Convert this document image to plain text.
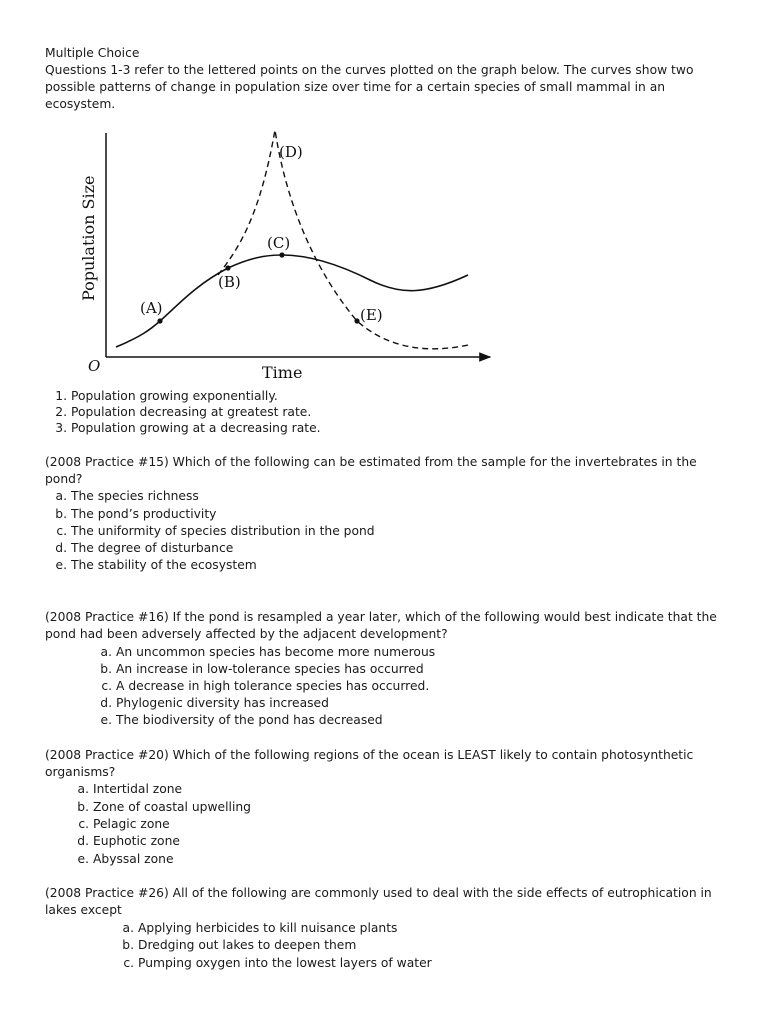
Multiple Choice
Questions 1-3 refer to the lettered points on the curves plotted on the graph below. The curves show two possible patterns of change in population size over time for a certain species of small mammal in an ecosystem.
Population Size
Time
O
(A)
(B)
(C)
(D)
(E)
1. Population growing exponentially.
2. Population decreasing at greatest rate.
3. Population growing at a decreasing rate.
(2008 Practice #15) Which of the following can be estimated from the sample for the invertebrates in the pond?
a. The species richness
b. The pond’s productivity
c. The uniformity of species distribution in the pond
d. The degree of disturbance
e. The stability of the ecosystem
(2008 Practice #16) If the pond is resampled a year later, which of the following would best indicate that the pond had been adversely affected by the adjacent development?
a. An uncommon species has become more numerous
b. An increase in low-tolerance species has occurred
c. A decrease in high tolerance species has occurred.
d. Phylogenic diversity has increased
e. The biodiversity of the pond has decreased
(2008 Practice #20) Which of the following regions of the ocean is LEAST likely to contain photosynthetic organisms?
a. Intertidal zone
b. Zone of coastal upwelling
c. Pelagic zone
d. Euphotic zone
e. Abyssal zone
(2008 Practice #26) All of the following are commonly used to deal with the side effects of eutrophication in lakes except
a. Applying herbicides to kill nuisance plants
b. Dredging out lakes to deepen them
c. Pumping oxygen into the lowest layers of water
